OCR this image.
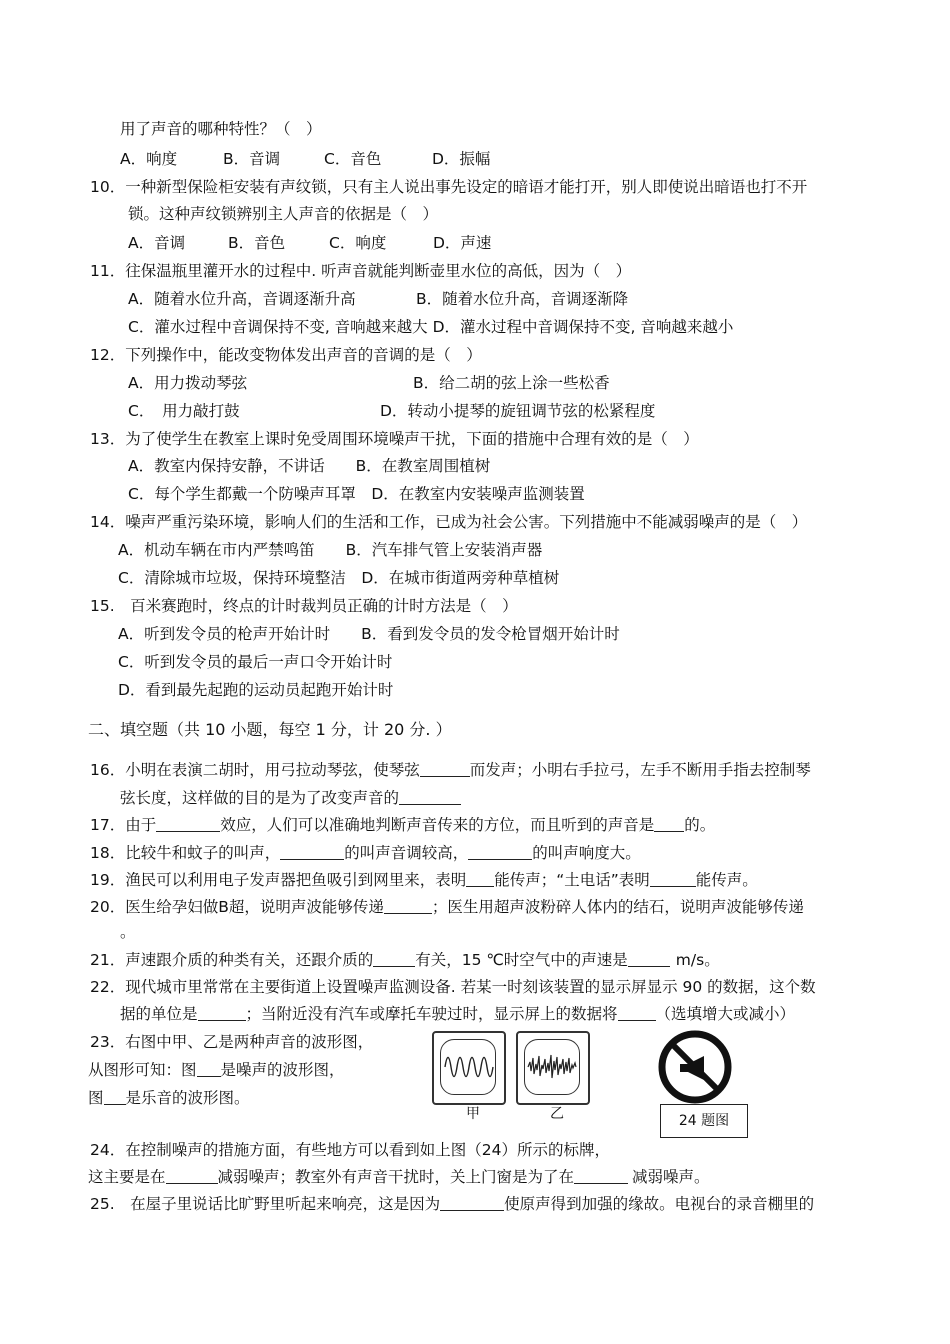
用了声音的哪种特性？（　）
A．响度	B．音调	C．音色	D．振幅
10．一种新型保险柜安装有声纹锁，只有主人说出事先设定的暗语才能打开，别人即使说出暗语也打不开
锁。这种声纹锁辨别主人声音的依据是（　）
A．音调	B．音色	C．响度	D．声速
11．往保温瓶里灌开水的过程中. 听声音就能判断壶里水位的高低，因为（　）
A．随着水位升高，音调逐渐升高	B．随着水位升高，音调逐渐降
C．灌水过程中音调保持不变, 音响越来越大 D．灌水过程中音调保持不变, 音响越来越小
12．下列操作中，能改变物体发出声音的音调的是（　）
A．用力拨动琴弦	B．给二胡的弦上涂一些松香
C．　用力敲打鼓	D．转动小提琴的旋钮调节弦的松紧程度
13．为了使学生在教室上课时免受周围环境噪声干扰，下面的措施中合理有效的是（　）
A．教室内保持安静，不讲话　　B．在教室周围植树
C．每个学生都戴一个防噪声耳罩　D．在教室内安装噪声监测装置
14．噪声严重污染环境，影响人们的生活和工作，已成为社会公害。下列措施中不能减弱噪声的是（　）
A．机动车辆在市内严禁鸣笛　　B．汽车排气管上安装消声器
C．清除城市垃圾，保持环境整洁　D．在城市街道两旁种草植树
15.　百米赛跑时，终点的计时裁判员正确的计时方法是（　）
A．听到发令员的枪声开始计时　　B．看到发令员的发令枪冒烟开始计时
C．听到发令员的最后一声口令开始计时
D．看到最先起跑的运动员起跑开始计时
二、填空题（共 10 小题，每空 1 分，计 20 分. ）
16．小明在表演二胡时，用弓拉动琴弦，使琴弦	而发声；小明右手拉弓，左手不断用手指去控制琴
弦长度，这样做的目的是为了改变声音的
17．由于	效应，人们可以准确地判断声音传来的方位，而且听到的声音是 的。
18．比较牛和蚊子的叫声，	的叫声音调较高，	的叫声响度大。
19．渔民可以利用电子发声器把鱼吸引到网里来，表明 能传声；“土电话”表明	能传声。
20．医生给孕妇做B超，说明声波能够传递	；医生用超声波粉碎人体内的结石，说明声波能够传递
。
21．声速跟介质的种类有关，还跟介质的	有关，15 ℃时空气中的声速是	m/s。
22．现代城市里常常在主要街道上设置噪声监测设备. 若某一时刻该装置的显示屏显示 90 的数据，这个数
据的单位是	；当附近没有汽车或摩托车驶过时，显示屏上的数据将 （选填增大或减小）
23．右图中甲、乙是两种声音的波形图，
从图形可知：图 是噪声的波形图，
图 是乐音的波形图。
甲	乙	24 题图
24．在控制噪声的措施方面，有些地方可以看到如上图（24）所示的标牌，
这主要是在	减弱噪声；教室外有声音干扰时，关上门窗是为了在	减弱噪声。
25.　在屋子里说话比旷野里听起来响亮，这是因为	使原声得到加强的缘故。电视台的录音棚里的
